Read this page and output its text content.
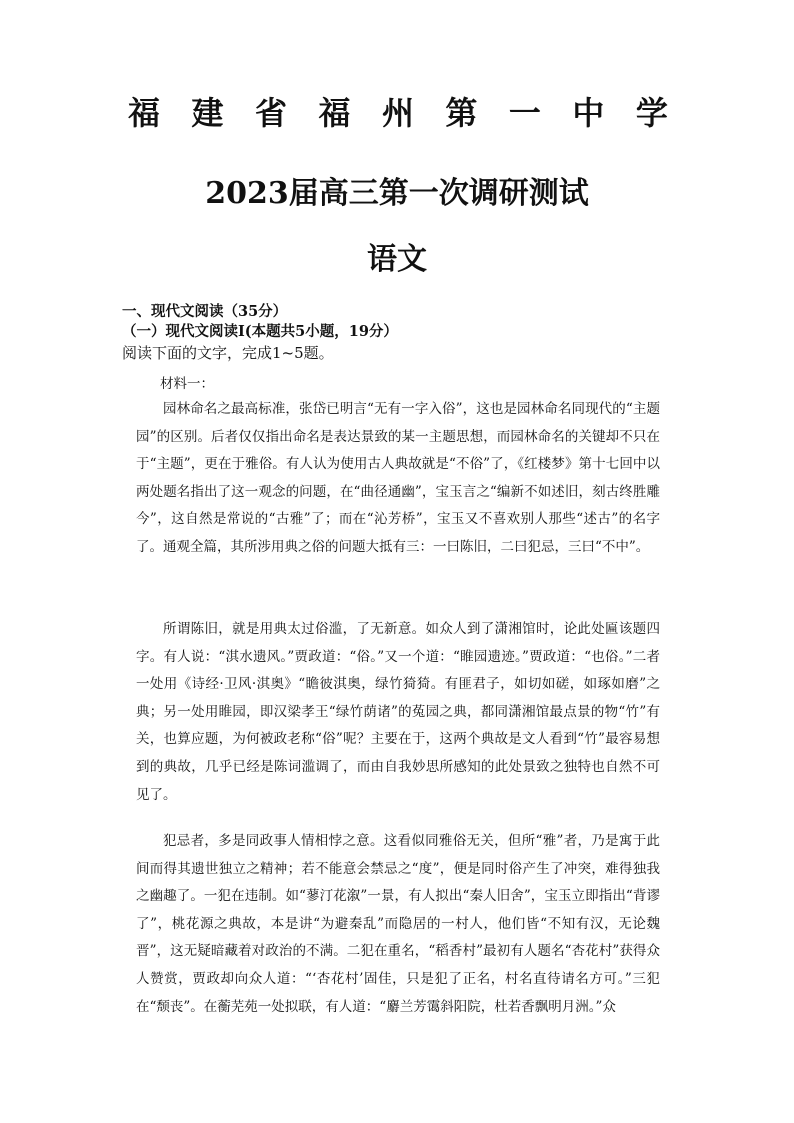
福 建 省 福 州 第 一 中 学
2023届高三第一次调研测试
语文
一、现代文阅读（35分）
（一）现代文阅读Ⅰ(本题共5小题，19分）
阅读下面的文字，完成1~5题。
材料一：

园林命名之最高标准，张岱已明言“无有一字入俗”，这也是园林命名同现代的“主题园”的区别。后者仅仅指出命名是表达景致的某一主题思想，而园林命名的关键却不只在于“主题”，更在于雅俗。有人认为使用古人典故就是“不俗”了，《红楼梦》第十七回中以两处题名指出了这一观念的问题，在“曲径通幽”，宝玉言之“编新不如述旧，刻古终胜雕今”，这自然是常说的“古雅”了；而在“沁芳桥”，宝玉又不喜欢别人那些“述古”的名字了。通观全篇，其所涉用典之俗的问题大抵有三：一曰陈旧，二曰犯忌，三曰“不中”。

所谓陈旧，就是用典太过俗滥，了无新意。如众人到了潇湘馆时，论此处匾该题四字。有人说：“淇水遗风。”贾政道：“俗。”又一个道：“睢园遗迹。”贾政道：“也俗。”二者一处用《诗经·卫风·淇奥》“瞻彼淇奥，绿竹猗猗。有匪君子，如切如磋，如琢如磨”之典；另一处用睢园，即汉梁孝王“绿竹荫诸”的菟园之典，都同潇湘馆最点景的物“竹”有关，也算应题，为何被政老称“俗”呢？主要在于，这两个典故是文人看到“竹”最容易想到的典故，几乎已经是陈词滥调了，而由自我妙思所感知的此处景致之独特也自然不可见了。

犯忌者，多是同政事人情相悖之意。这看似同雅俗无关，但所“雅”者，乃是寓于此间而得其遗世独立之精神；若不能意会禁忌之“度”，便是同时俗产生了冲突，难得独我之幽趣了。一犯在违制。如“蓼汀花溆”一景，有人拟出“秦人旧舍”，宝玉立即指出“背谬了”，桃花源之典故，本是讲“为避秦乱”而隐居的一村人，他们皆“不知有汉，无论魏晋”，这无疑暗藏着对政治的不满。二犯在重名，“稻香村”最初有人题名“杏花村”获得众人赞赏，贾政却向众人道：“‘杏花村’固佳，只是犯了正名，村名直待请名方可。”三犯在“颓丧”。在蘅芜苑一处拟联，有人道：“麝兰芳霭斜阳院，杜若香飘明月洲。”众
